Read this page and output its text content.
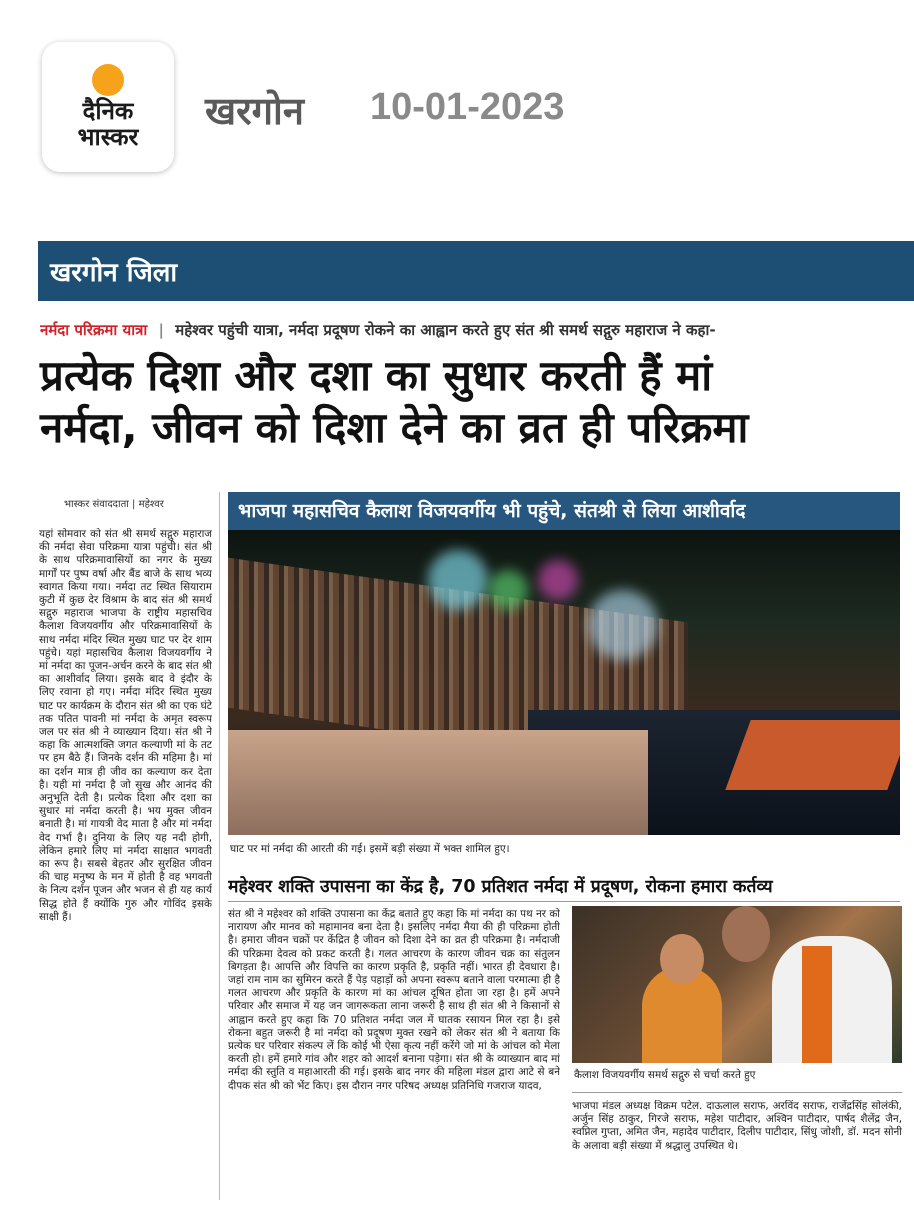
दैनिक
भास्कर
खरगोन 10-01-2023
खरगोन जिला
नर्मदा परिक्रमा यात्रा | महेश्वर पहुंची यात्रा, नर्मदा प्रदूषण रोकने का आह्वान करते हुए संत श्री समर्थ सद्गुरु महाराज ने कहा-
प्रत्येक दिशा और दशा का सुधार करती हैं मां
नर्मदा, जीवन को दिशा देने का व्रत ही परिक्रमा
भास्कर संवाददाता | महेश्वर
यहां सोमवार को संत श्री समर्थ सद्गुरु महाराज की नर्मदा सेवा परिक्रमा यात्रा पहुंची। संत श्री के साथ परिक्रमावासियों का नगर के मुख्य मार्गों पर पुष्प वर्षा और बैंड बाजे के साथ भव्य स्वागत किया गया। नर्मदा तट स्थित सियाराम कुटी में कुछ देर विश्राम के बाद संत श्री समर्थ सद्गुरु महाराज भाजपा के राष्ट्रीय महासचिव कैलाश विजयवर्गीय और परिक्रमावासियों के साथ नर्मदा मंदिर स्थित मुख्य घाट पर देर शाम पहुंचे। यहां महासचिव कैलाश विजयवर्गीय ने मां नर्मदा का पूजन-अर्चन करने के बाद संत श्री का आशीर्वाद लिया। इसके बाद वे इंदौर के लिए रवाना हो गए। नर्मदा मंदिर स्थित मुख्य घाट पर कार्यक्रम के दौरान संत श्री का एक घंटे तक पतित पावनी मां नर्मदा के अमृत स्वरूप जल पर संत श्री ने व्याख्यान दिया। संत श्री ने कहा कि आत्मशक्ति जगत कल्याणी मां के तट पर हम बैठे हैं। जिनके दर्शन की महिमा है। मां का दर्शन मात्र ही जीव का कल्याण कर देता है। यही मां नर्मदा है जो सुख और आनंद की अनुभूति देती है। प्रत्येक दिशा और दशा का सुधार मां नर्मदा करती है। भय मुक्त जीवन बनाती है। मां गायत्री वेद माता है और मां नर्मदा वेद गर्भा है। दुनिया के लिए यह नदी होगी, लेकिन हमारे लिए मां नर्मदा साक्षात भगवती का रूप है। सबसे बेहतर और सुरक्षित जीवन की चाह मनुष्य के मन में होती है वह भगवती के नित्य दर्शन पूजन और भजन से ही यह कार्य सिद्ध होते हैं क्योंकि गुरु और गोविंद इसके साक्षी हैं।
भाजपा महासचिव कैलाश विजयवर्गीय भी पहुंचे, संतश्री से लिया आशीर्वाद
घाट पर मां नर्मदा की आरती की गई। इसमें बड़ी संख्या में भक्त शामिल हुए।
महेश्वर शक्ति उपासना का केंद्र है, 70 प्रतिशत नर्मदा में प्रदूषण, रोकना हमारा कर्तव्य
संत श्री ने महेश्वर को शक्ति उपासना का केंद्र बताते हुए कहा कि मां नर्मदा का पथ नर को नारायण और मानव को महामानव बना देता है। इसलिए नर्मदा मैया की ही परिक्रमा होती है। हमारा जीवन चक्रों पर केंद्रित है जीवन को दिशा देने का व्रत ही परिक्रमा है। नर्मदाजी की परिक्रमा देवत्व को प्रकट करती है। गलत आचरण के कारण जीवन चक्र का संतुलन बिगड़ता है। आपत्ति और विपत्ति का कारण प्रकृति है, प्रकृति नहीं। भारत ही देवधारा है। जहां राम नाम का सुमिरन करते हैं पेड़ पहाड़ों को अपना स्वरूप बताने वाला परमात्मा ही है गलत आचरण और प्रकृति के कारण मां का आंचल दूषित होता जा रहा है। हमें अपने परिवार और समाज में यह जन जागरूकता लाना जरूरी है साथ ही संत श्री ने किसानों से आह्वान करते हुए कहा कि 70 प्रतिशत नर्मदा जल में घातक रसायन मिल रहा है। इसे रोकना बहुत जरूरी है मां नर्मदा को प्रदूषण मुक्त रखने को लेकर संत श्री ने बताया कि प्रत्येक घर परिवार संकल्प लें कि कोई भी ऐसा कृत्य नहीं करेंगे जो मां के आंचल को मेला करती हो। हमें हमारे गांव और शहर को आदर्श बनाना पड़ेगा। संत श्री के व्याख्यान बाद मां नर्मदा की स्तुति व महाआरती की गई। इसके बाद नगर की महिला मंडल द्वारा आटे से बने दीपक संत श्री को भेंट किए। इस दौरान नगर परिषद अध्यक्ष प्रतिनिधि गजराज यादव,
कैलाश विजयवर्गीय समर्थ सद्गुरु से चर्चा करते हुए
भाजपा मंडल अध्यक्ष विक्रम पटेल. दाऊलाल सराफ, अरविंद सराफ, राजेंद्रसिंह सोलंकी, अर्जुन सिंह ठाकुर, गिरजे सराफ, महेश पाटीदार, अश्विन पाटीदार, पार्षद शैलेंद्र जैन, स्वप्निल गुप्ता, अमित जैन, महादेव पाटीदार, दिलीप पाटीदार, सिंधु जोशी, डॉ. मदन सोनी के अलावा बड़ी संख्या में श्रद्धालु उपस्थित थे।
